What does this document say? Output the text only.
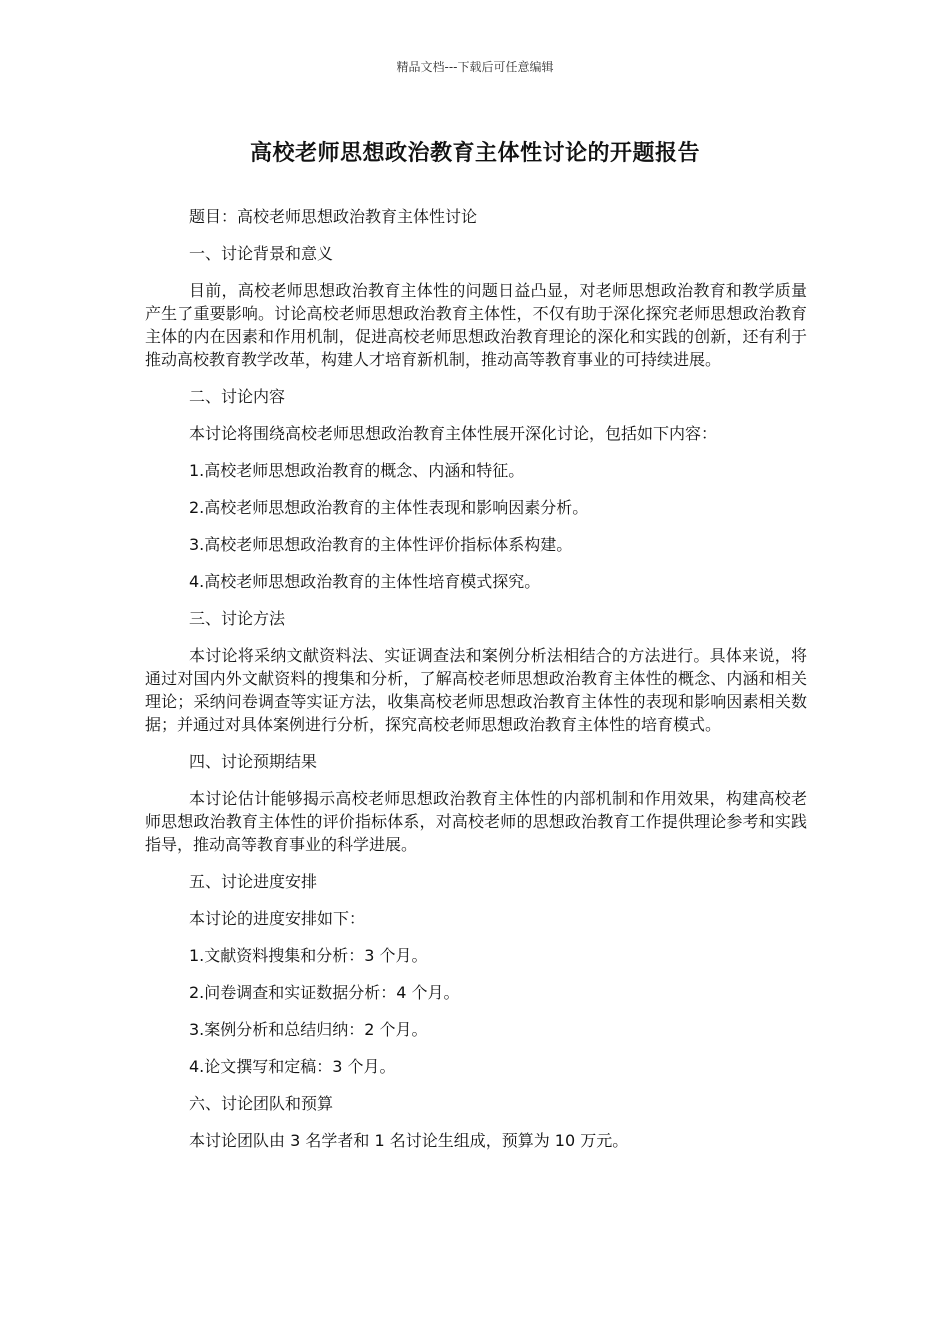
精品文档---下载后可任意编辑
高校老师思想政治教育主体性讨论的开题报告

题目：高校老师思想政治教育主体性讨论

一、讨论背景和意义

目前，高校老师思想政治教育主体性的问题日益凸显，对老师思想政治教育和教学质量产生了重要影响。讨论高校老师思想政治教育主体性，不仅有助于深化探究老师思想政治教育主体的内在因素和作用机制，促进高校老师思想政治教育理论的深化和实践的创新，还有利于推动高校教育教学改革，构建人才培育新机制，推动高等教育事业的可持续进展。

二、讨论内容

本讨论将围绕高校老师思想政治教育主体性展开深化讨论，包括如下内容：

1.高校老师思想政治教育的概念、内涵和特征。

2.高校老师思想政治教育的主体性表现和影响因素分析。

3.高校老师思想政治教育的主体性评价指标体系构建。

4.高校老师思想政治教育的主体性培育模式探究。

三、讨论方法

本讨论将采纳文献资料法、实证调查法和案例分析法相结合的方法进行。具体来说，将通过对国内外文献资料的搜集和分析，了解高校老师思想政治教育主体性的概念、内涵和相关理论；采纳问卷调查等实证方法，收集高校老师思想政治教育主体性的表现和影响因素相关数据；并通过对具体案例进行分析，探究高校老师思想政治教育主体性的培育模式。

四、讨论预期结果

本讨论估计能够揭示高校老师思想政治教育主体性的内部机制和作用效果，构建高校老师思想政治教育主体性的评价指标体系，对高校老师的思想政治教育工作提供理论参考和实践指导，推动高等教育事业的科学进展。

五、讨论进度安排

本讨论的进度安排如下：

1.文献资料搜集和分析：3 个月。

2.问卷调查和实证数据分析：4 个月。

3.案例分析和总结归纳：2 个月。

4.论文撰写和定稿：3 个月。

六、讨论团队和预算

本讨论团队由 3 名学者和 1 名讨论生组成，预算为 10 万元。
